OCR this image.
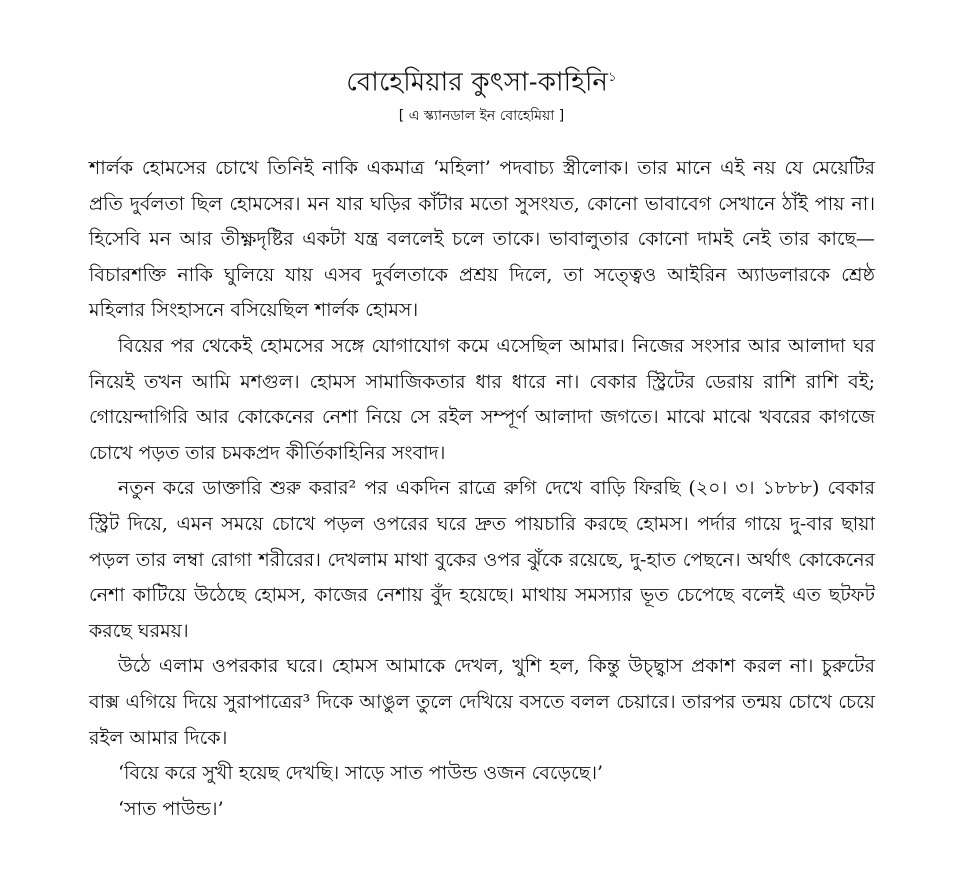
বোহেমিয়ার কুৎসা-কাহিনি$^১$
[ এ স্ক্যানডাল ইন বোহেমিয়া ]

শার্লক হোমসের চোখে তিনিই নাকি একমাত্র ‘মহিলা’ পদবাচ্য স্ত্রীলোক। তার মানে এই নয় যে মেয়েটির প্রতি দুর্বলতা ছিল হোমসের। মন যার ঘড়ির কাঁটার মতো সুসংযত, কোনো ভাবাবেগ সেখানে ঠাঁই পায় না। হিসেবি মন আর তীক্ষ্ণদৃষ্টির একটা যন্ত্র বললেই চলে তাকে। ভাবালুতার কোনো দামই নেই তার কাছে— বিচারশক্তি নাকি ঘুলিয়ে যায় এসব দুর্বলতাকে প্রশ্রয় দিলে, তা সত্ত্বেও আইরিন অ্যাডলারকে শ্রেষ্ঠ মহিলার সিংহাসনে বসিয়েছিল শার্লক হোমস।

বিয়ের পর থেকেই হোমসের সঙ্গে যোগাযোগ কমে এসেছিল আমার। নিজের সংসার আর আলাদা ঘর নিয়েই তখন আমি মশগুল। হোমস সামাজিকতার ধার ধারে না। বেকার স্ট্রিটের ডেরায় রাশি রাশি বই; গোয়েন্দাগিরি আর কোকেনের নেশা নিয়ে সে রইল সম্পূর্ণ আলাদা জগতে। মাঝে মাঝে খবরের কাগজে চোখে পড়ত তার চমকপ্রদ কীর্তিকাহিনির সংবাদ।

নতুন করে ডাক্তারি শুরু করার² পর একদিন রাত্রে রুগি দেখে বাড়ি ফিরছি (২০। ৩। ১৮৮৮) বেকার স্ট্রিট দিয়ে, এমন সময়ে চোখে পড়ল ওপরের ঘরে দ্রুত পায়চারি করছে হোমস। পর্দার গায়ে দু-বার ছায়া পড়ল তার লম্বা রোগা শরীরের। দেখলাম মাথা বুকের ওপর ঝুঁকে রয়েছে, দু-হাত পেছনে। অর্থাৎ কোকেনের নেশা কাটিয়ে উঠেছে হোমস, কাজের নেশায় বুঁদ হয়েছে। মাথায় সমস্যার ভূত চেপেছে বলেই এত ছটফট করছে ঘরময়।

উঠে এলাম ওপরকার ঘরে। হোমস আমাকে দেখল, খুশি হল, কিন্তু উচ্ছ্বাস প্রকাশ করল না। চুরুটের বাক্স এগিয়ে দিয়ে সুরাপাত্রের³ দিকে আঙুল তুলে দেখিয়ে বসতে বলল চেয়ারে। তারপর তন্ময় চোখে চেয়ে রইল আমার দিকে।

‘বিয়ে করে সুখী হয়েছ দেখছি। সাড়ে সাত পাউন্ড ওজন বেড়েছে।’

‘সাত পাউন্ড।’
